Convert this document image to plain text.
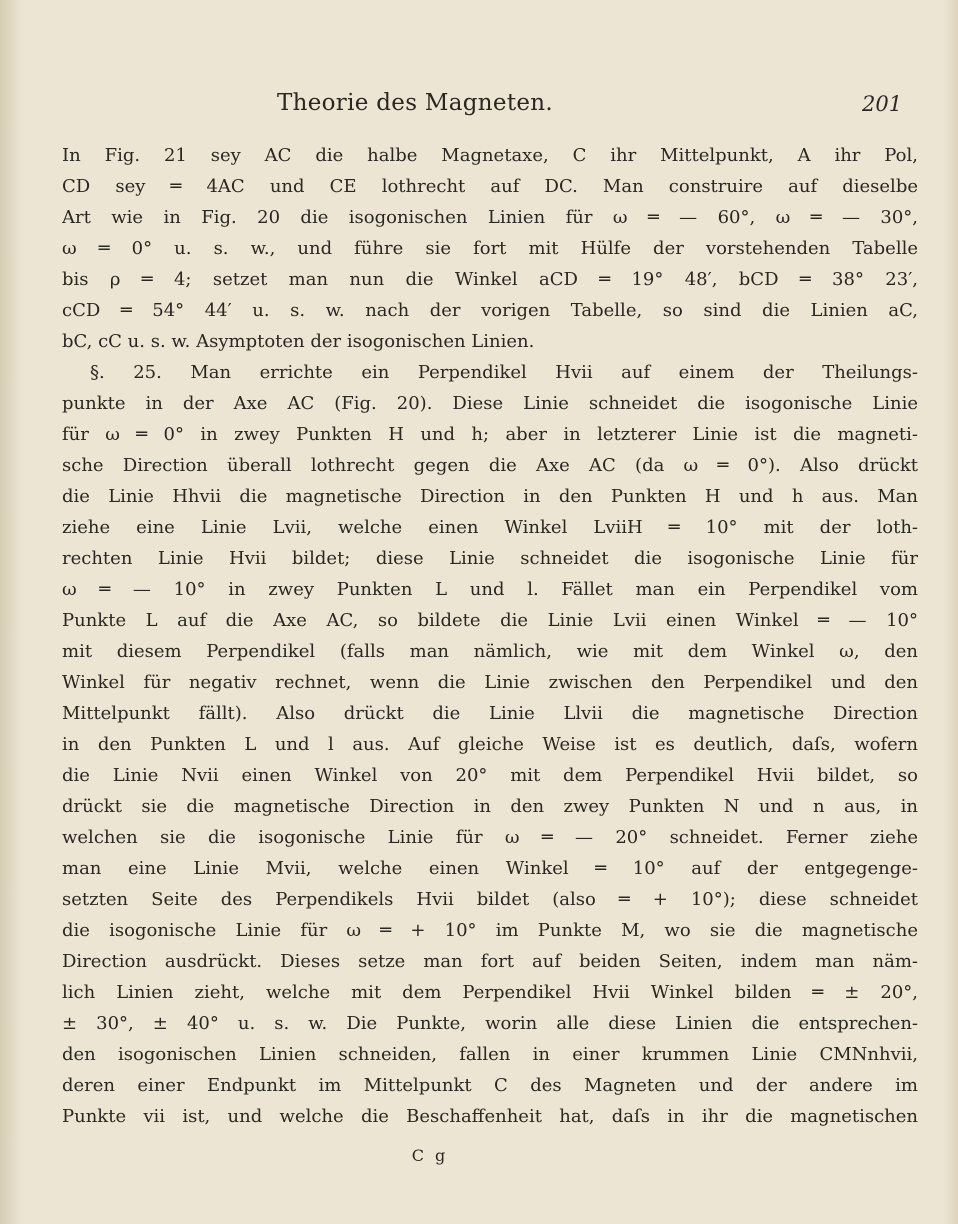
Theorie des Magneten.	201
In Fig. 21 sey AC die halbe Magnetaxe, C ihr Mittelpunkt, A ihr Pol,
CD sey ═ 4AC und CE lothrecht auf DC. Man construire auf dieselbe
Art wie in Fig. 20 die isogonischen Linien für ω ═ — 60°, ω ═ — 30°,
ω ═ 0° u. s. w., und führe sie fort mit Hülfe der vorstehenden Tabelle
bis ρ ═ 4; setzet man nun die Winkel aCD ═ 19° 48′, bCD ═ 38° 23′,
cCD ═ 54° 44′ u. s. w. nach der vorigen Tabelle, so sind die Linien aC,
bC, cC u. s. w. Asymptoten der isogonischen Linien.
§. 25. Man errichte ein Perpendikel Hvii auf einem der Theilungs-
punkte in der Axe AC (Fig. 20). Diese Linie schneidet die isogonische Linie
für ω ═ 0° in zwey Punkten H und h; aber in letzterer Linie ist die magneti-
sche Direction überall lothrecht gegen die Axe AC (da ω ═ 0°). Also drückt
die Linie Hhvii die magnetische Direction in den Punkten H und h aus. Man
ziehe eine Linie Lvii, welche einen Winkel LviiH ═ 10° mit der loth-
rechten Linie Hvii bildet; diese Linie schneidet die isogonische Linie für
ω ═ — 10° in zwey Punkten L und l. Fället man ein Perpendikel vom
Punkte L auf die Axe AC, so bildete die Linie Lvii einen Winkel ═ — 10°
mit diesem Perpendikel (falls man nämlich, wie mit dem Winkel ω, den
Winkel für negativ rechnet, wenn die Linie zwischen den Perpendikel und den
Mittelpunkt fällt). Also drückt die Linie Llvii die magnetische Direction
in den Punkten L und l aus. Auf gleiche Weise ist es deutlich, daſs, wofern
die Linie Nvii einen Winkel von 20° mit dem Perpendikel Hvii bildet, so
drückt sie die magnetische Direction in den zwey Punkten N und n aus, in
welchen sie die isogonische Linie für ω ═ — 20° schneidet. Ferner ziehe
man eine Linie Mvii, welche einen Winkel ═ 10° auf der entgegenge-
setzten Seite des Perpendikels Hvii bildet (also ═ + 10°); diese schneidet
die isogonische Linie für ω ═ + 10° im Punkte M, wo sie die magnetische
Direction ausdrückt. Dieses setze man fort auf beiden Seiten, indem man näm-
lich Linien zieht, welche mit dem Perpendikel Hvii Winkel bilden ═ ± 20°,
± 30°, ± 40° u. s. w. Die Punkte, worin alle diese Linien die entsprechen-
den isogonischen Linien schneiden, fallen in einer krummen Linie CMNnhvii,
deren einer Endpunkt im Mittelpunkt C des Magneten und der andere im
Punkte vii ist, und welche die Beschaffenheit hat, daſs in ihr die magnetischen
C g
